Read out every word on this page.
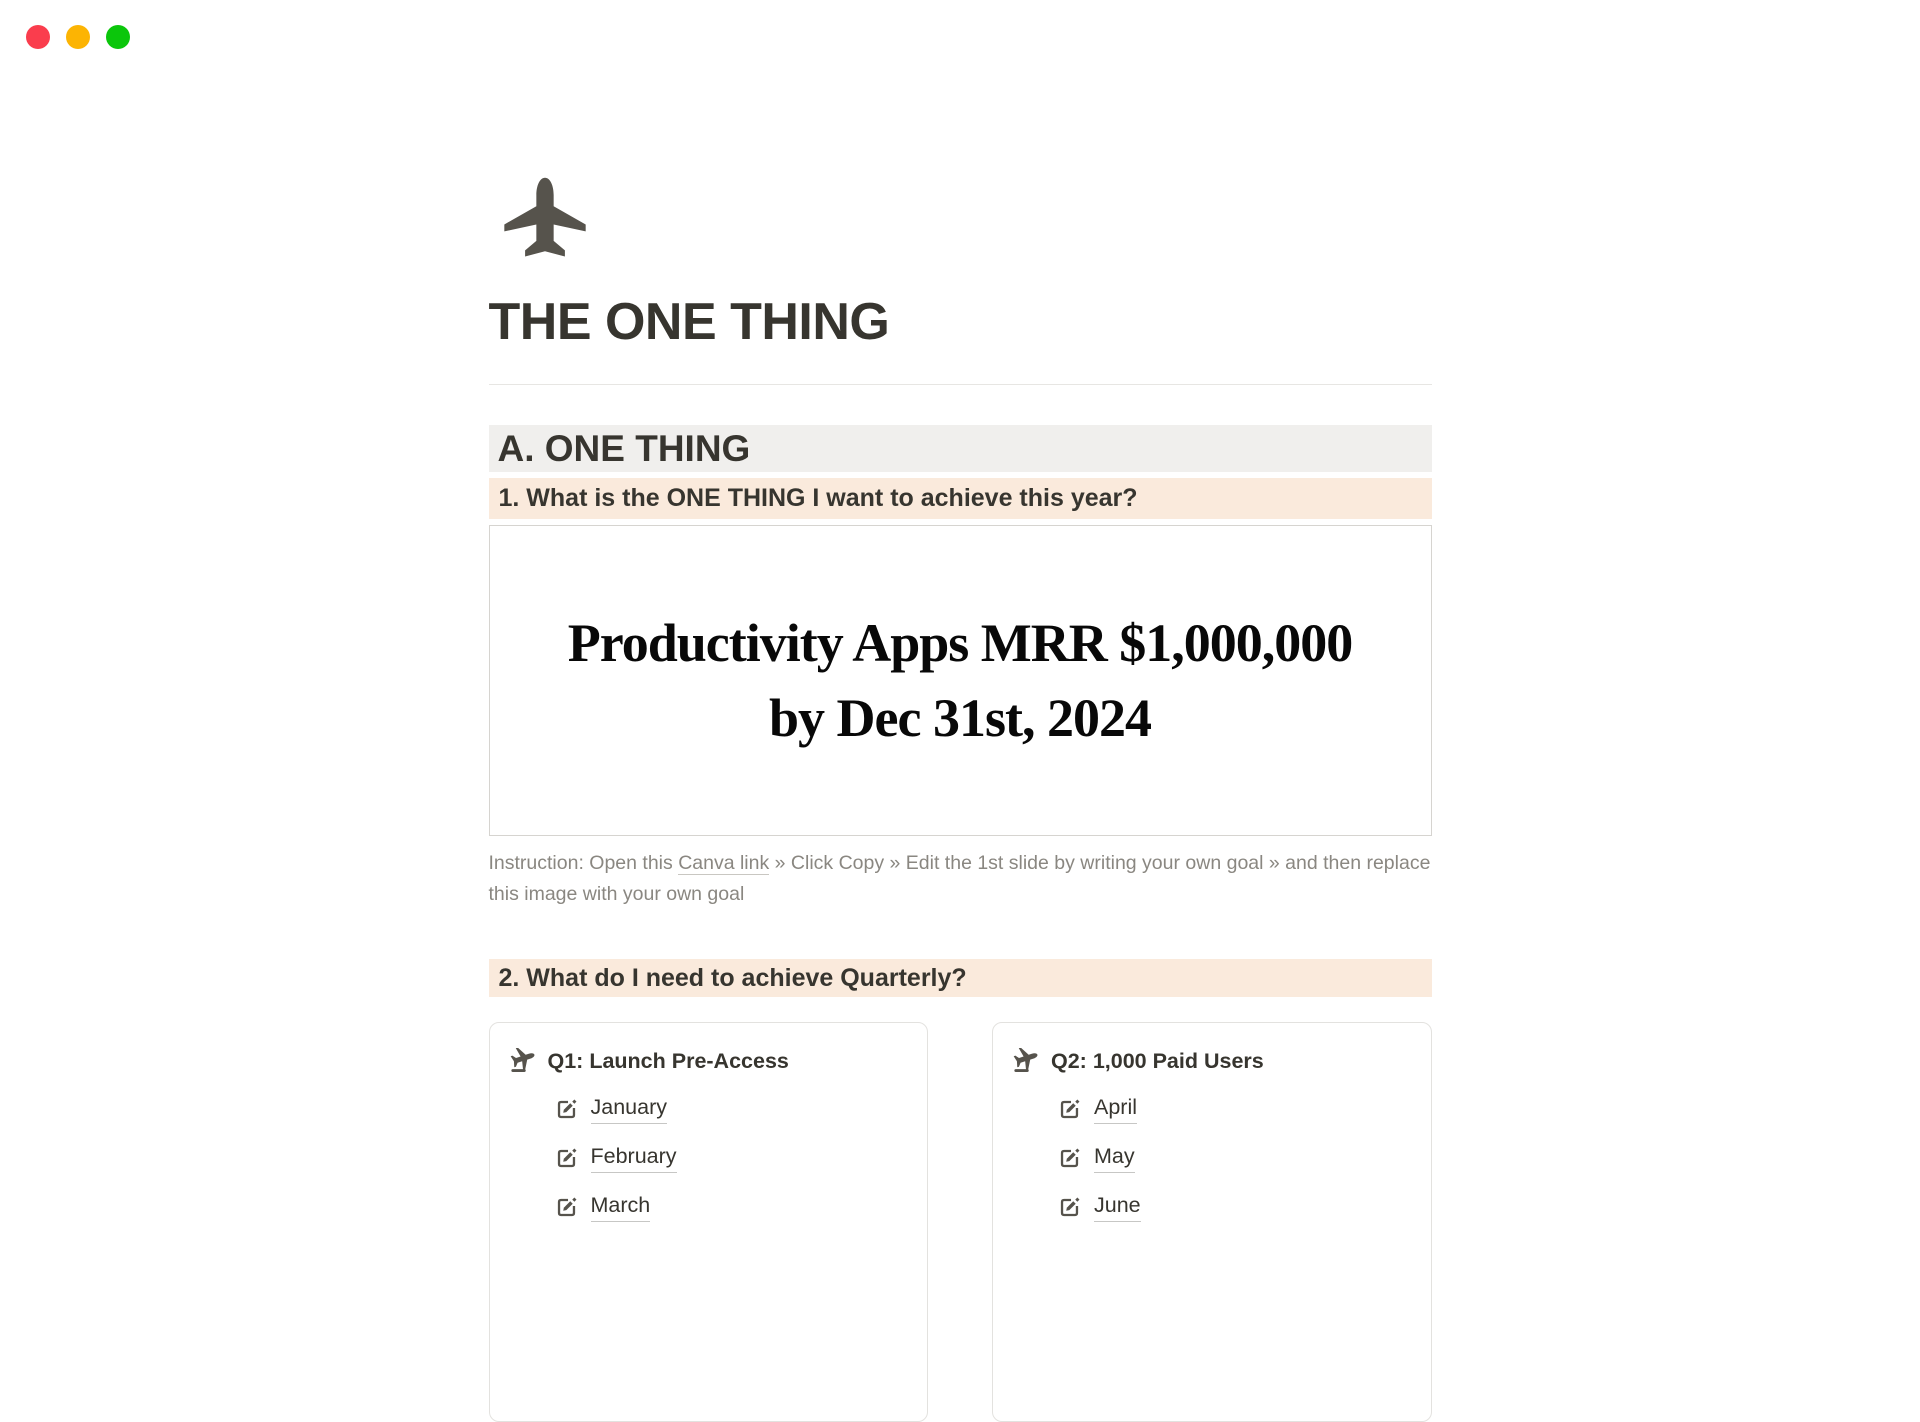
THE ONE THING
A. ONE THING
1. What is the ONE THING I want to achieve this year?
Productivity Apps MRR $1,000,000
by Dec 31st, 2024
Instruction: Open this Canva link » Click Copy » Edit the 1st slide by writing your own goal » and then replace this image with your own goal
2. What do I need to achieve Quarterly?
Q1: Launch Pre-Access
January
February
March
Q2: 1,000 Paid Users
April
May
June
